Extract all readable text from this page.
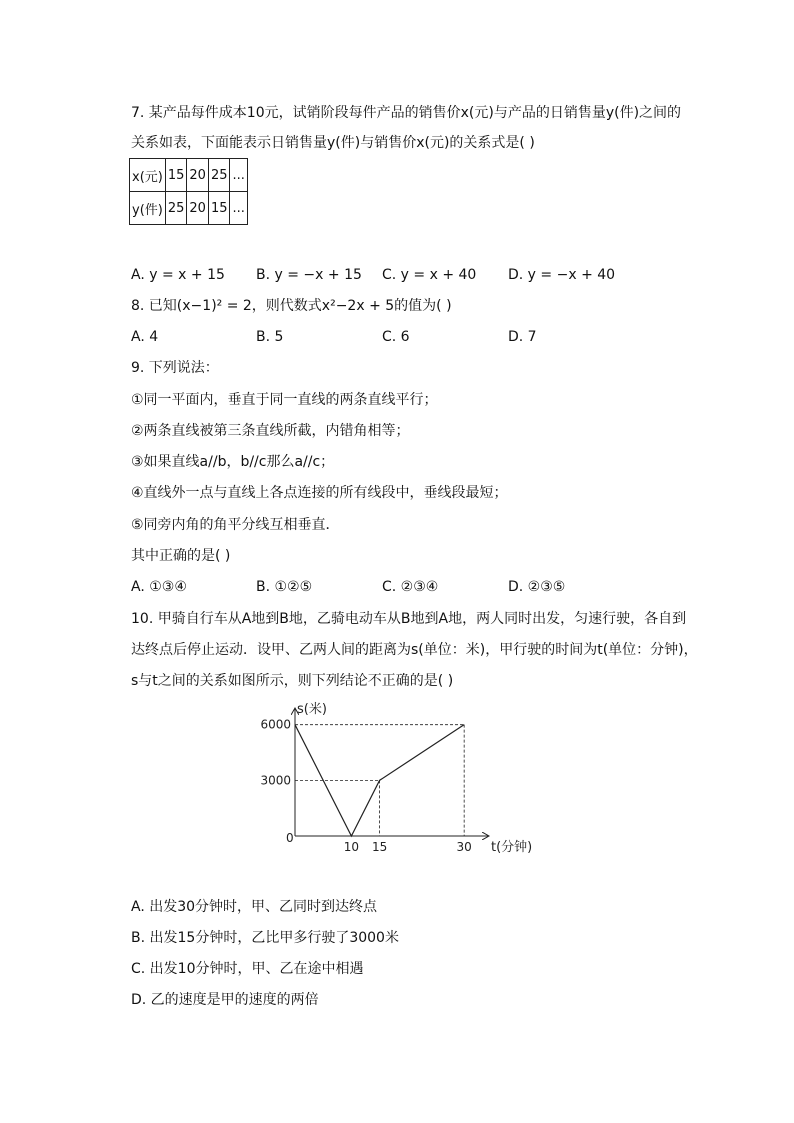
7. 某产品每件成本10元，试销阶段每件产品的销售价x(元)与产品的日销售量y(件)之间的
关系如表，下面能表示日销售量y(件)与销售价x(元)的关系式是( )
x(元)	15	20	25	...
y(件)	25	20	15	...
A. y = x + 15 B. y = −x + 15 C. y = x + 40 D. y = −x + 40
8. 已知(x−1)² = 2，则代数式x²−2x + 5的值为( )
A. 4	B. 5	C. 6	D. 7
9. 下列说法：
①同一平面内，垂直于同一直线的两条直线平行；
②两条直线被第三条直线所截，内错角相等；
③如果直线a//b，b//c那么a//c；
④直线外一点与直线上各点连接的所有线段中，垂线段最短；
⑤同旁内角的角平分线互相垂直．
其中正确的是( )
A. ①③④	B. ①②⑤	C. ②③④	D. ②③⑤
10. 甲骑自行车从A地到B地，乙骑电动车从B地到A地，两人同时出发，匀速行驶，各自到
达终点后停止运动．设甲、乙两人间的距离为s(单位：米)，甲行驶的时间为t(单位：分钟)，
s与t之间的关系如图所示，则下列结论不正确的是( )
s(米)
t(分钟)
0
10 15	30
3000
6000
A. 出发30分钟时，甲、乙同时到达终点
B. 出发15分钟时，乙比甲多行驶了3000米
C. 出发10分钟时，甲、乙在途中相遇
D. 乙的速度是甲的速度的两倍
